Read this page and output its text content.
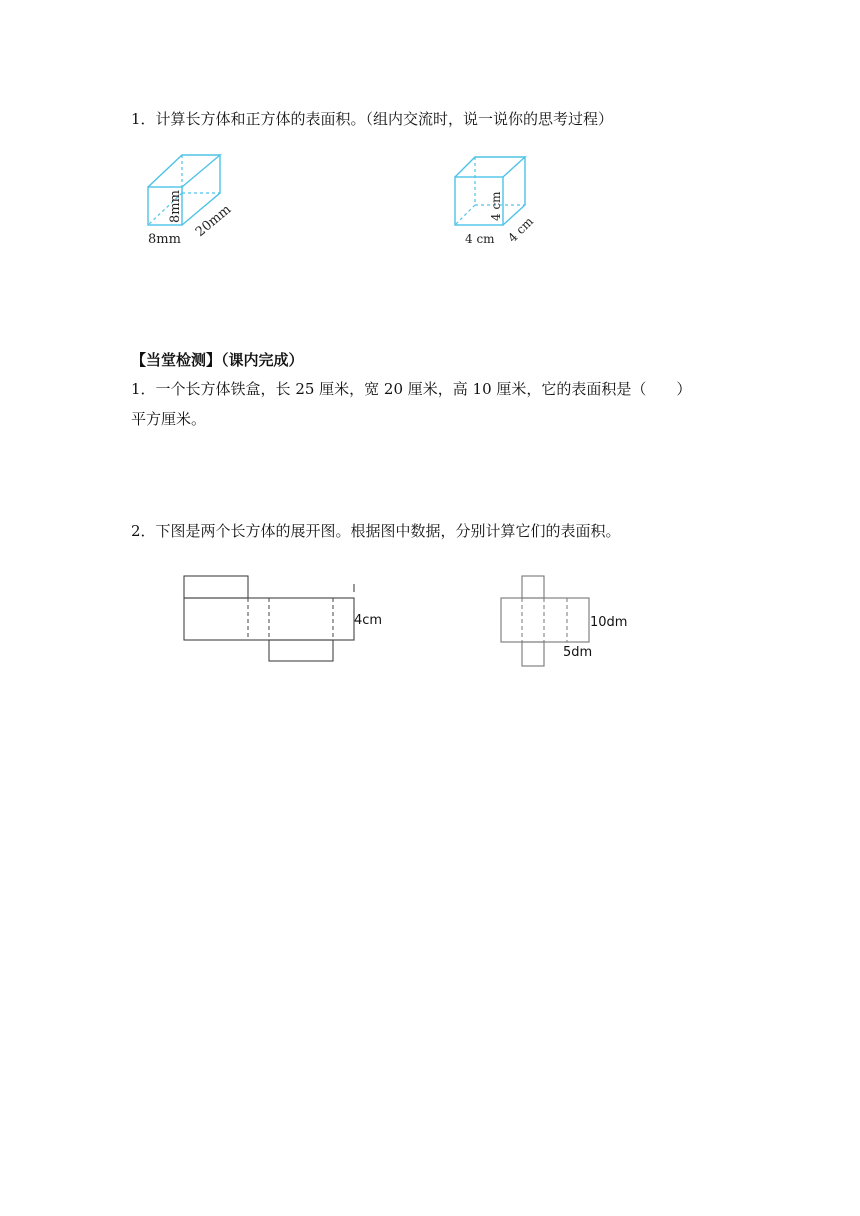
1．计算长方体和正方体的表面积。（组内交流时，说一说你的思考过程）
8mm
8mm 20mm	4 cm
4 cm
4 cm
【当堂检测】（课内完成）
1．一个长方体铁盒，长 25 厘米，宽 20 厘米，高 10 厘米，它的表面积是（　　）
平方厘米。
2．下图是两个长方体的展开图。根据图中数据，分别计算它们的表面积。
4cm	10dm
5dm
